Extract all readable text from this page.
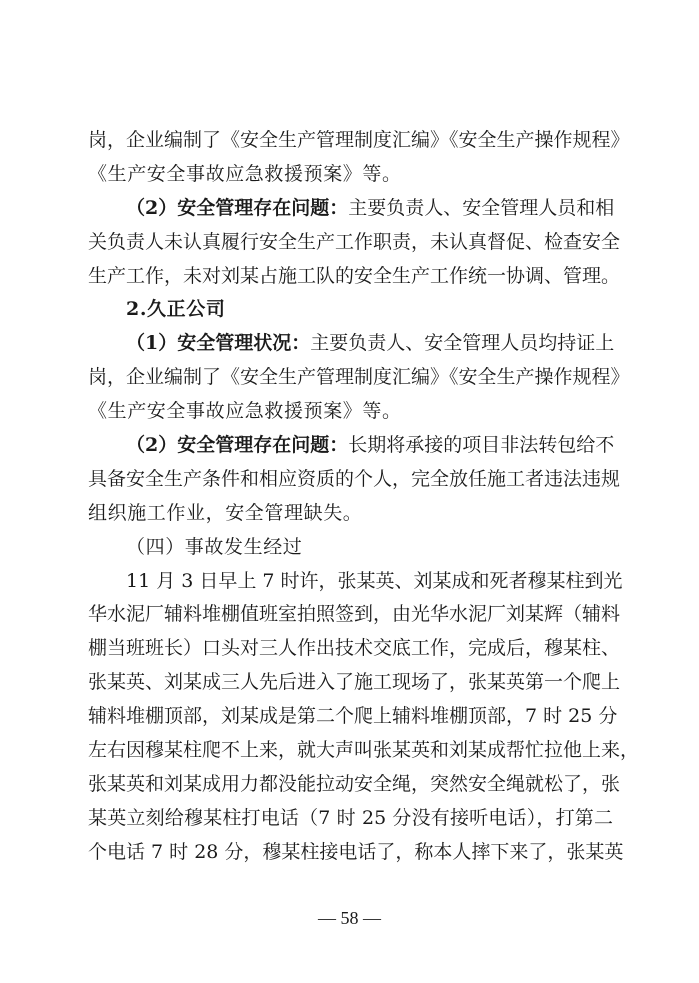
岗，企业编制了《安全生产管理制度汇编》《安全生产操作规程》
《生产安全事故应急救援预案》等。
（2）安全管理存在问题：主要负责人、安全管理人员和相
关负责人未认真履行安全生产工作职责，未认真督促、检查安全
生产工作，未对刘某占施工队的安全生产工作统一协调、管理。
2.久正公司
（1）安全管理状况：主要负责人、安全管理人员均持证上
岗，企业编制了《安全生产管理制度汇编》《安全生产操作规程》
《生产安全事故应急救援预案》等。
（2）安全管理存在问题：长期将承接的项目非法转包给不
具备安全生产条件和相应资质的个人，完全放任施工者违法违规
组织施工作业，安全管理缺失。
（四）事故发生经过
11 月 3 日早上 7 时许，张某英、刘某成和死者穆某柱到光
华水泥厂辅料堆棚值班室拍照签到，由光华水泥厂刘某辉（辅料
棚当班班长）口头对三人作出技术交底工作，完成后，穆某柱、
张某英、刘某成三人先后进入了施工现场了，张某英第一个爬上
辅料堆棚顶部，刘某成是第二个爬上辅料堆棚顶部，7 时 25 分
左右因穆某柱爬不上来，就大声叫张某英和刘某成帮忙拉他上来，
张某英和刘某成用力都没能拉动安全绳，突然安全绳就松了，张
某英立刻给穆某柱打电话（7 时 25 分没有接听电话），打第二
个电话 7 时 28 分，穆某柱接电话了，称本人摔下来了，张某英
— 58 —
